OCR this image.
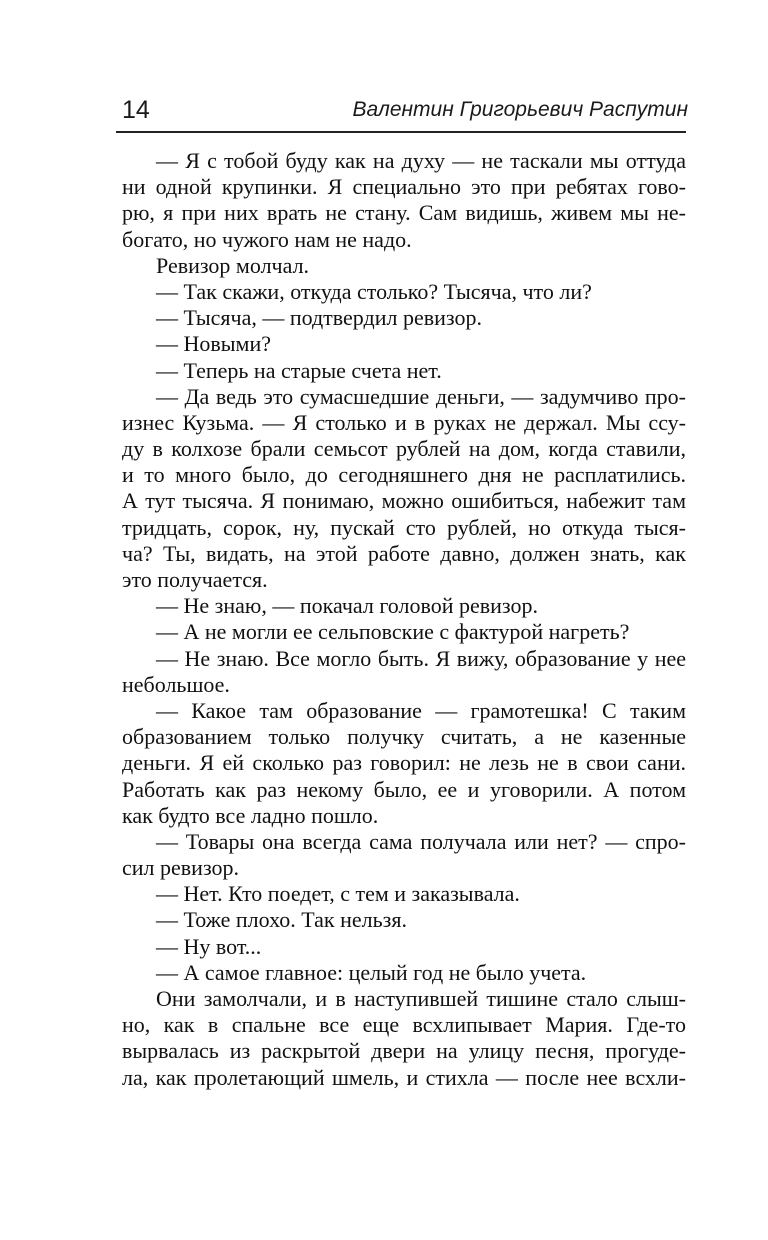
14	Валентин Григорьевич Распутин
— Я с тобой буду как на духу — не таскали мы оттуда
ни одной крупинки. Я специально это при ребятах гово-
рю, я при них врать не стану. Сам видишь, живем мы не-
богато, но чужого нам не надо.
Ревизор молчал.
— Так скажи, откуда столько? Тысяча, что ли?
— Тысяча, — подтвердил ревизор.
— Новыми?
— Теперь на старые счета нет.
— Да ведь это сумасшедшие деньги, — задумчиво про-
изнес Кузьма. — Я столько и в руках не держал. Мы ссу-
ду в колхозе брали семьсот рублей на дом, когда ставили,
и то много было, до сегодняшнего дня не расплатились.
А тут тысяча. Я понимаю, можно ошибиться, набежит там
тридцать, сорок, ну, пускай сто рублей, но откуда тыся-
ча? Ты, видать, на этой работе давно, должен знать, как
это получается.
— Не знаю, — покачал головой ревизор.
— А не могли ее сельповские с фактурой нагреть?
— Не знаю. Все могло быть. Я вижу, образование у нее
небольшое.
— Какое там образование — грамотешка! С таким
образованием только получку считать, а не казенные
деньги. Я ей сколько раз говорил: не лезь не в свои сани.
Работать как раз некому было, ее и уговорили. А потом
как будто все ладно пошло.
— Товары она всегда сама получала или нет? — спро-
сил ревизор.
— Нет. Кто поедет, с тем и заказывала.
— Тоже плохо. Так нельзя.
— Ну вот...
— А самое главное: целый год не было учета.
Они замолчали, и в наступившей тишине стало слыш-
но, как в спальне все еще всхлипывает Мария. Где-то
вырвалась из раскрытой двери на улицу песня, прогуде-
ла, как пролетающий шмель, и стихла — после нее всхли-
